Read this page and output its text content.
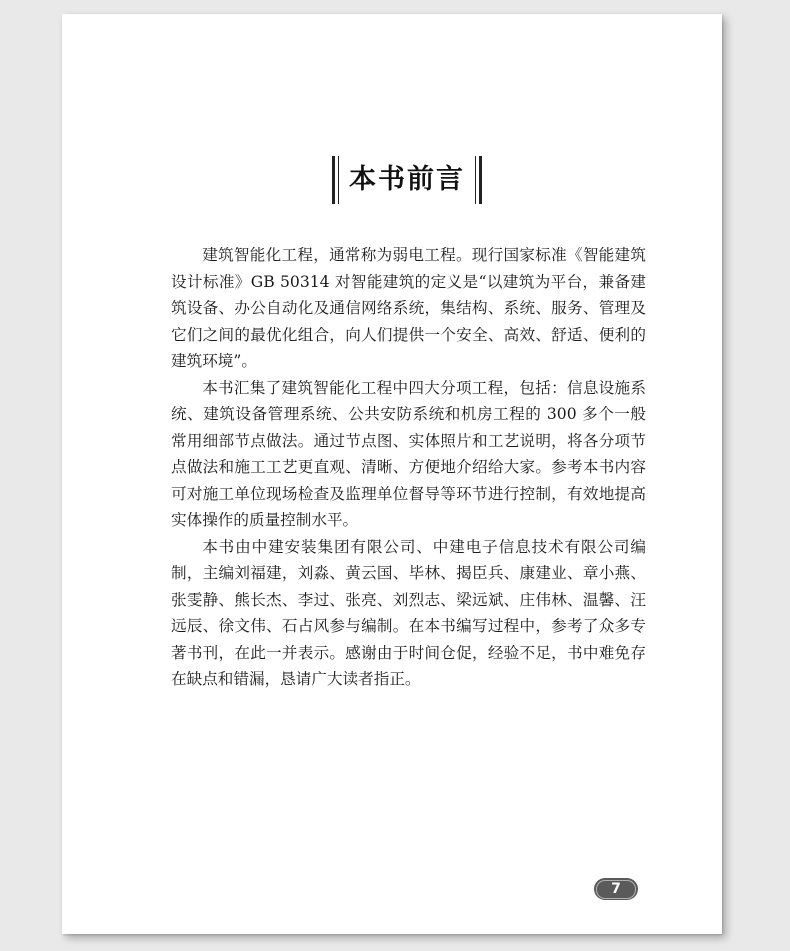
本书前言

建筑智能化工程，通常称为弱电工程。现行国家标准《智能建筑设计标准》GB 50314 对智能建筑的定义是“以建筑为平台，兼备建筑设备、办公自动化及通信网络系统，集结构、系统、服务、管理及它们之间的最优化组合，向人们提供一个安全、高效、舒适、便利的建筑环境”。

本书汇集了建筑智能化工程中四大分项工程，包括：信息设施系统、建筑设备管理系统、公共安防系统和机房工程的 300 多个一般常用细部节点做法。通过节点图、实体照片和工艺说明，将各分项节点做法和施工工艺更直观、清晰、方便地介绍给大家。参考本书内容可对施工单位现场检查及监理单位督导等环节进行控制，有效地提高实体操作的质量控制水平。

本书由中建安装集团有限公司、中建电子信息技术有限公司编制，主编刘福建，刘淼、黄云国、毕林、揭臣兵、康建业、章小燕、张雯静、熊长杰、李过、张亮、刘烈志、梁远斌、庄伟林、温馨、汪远辰、徐文伟、石占风参与编制。在本书编写过程中，参考了众多专著书刊，在此一并表示。感谢由于时间仓促，经验不足，书中难免存在缺点和错漏，恳请广大读者指正。

7
